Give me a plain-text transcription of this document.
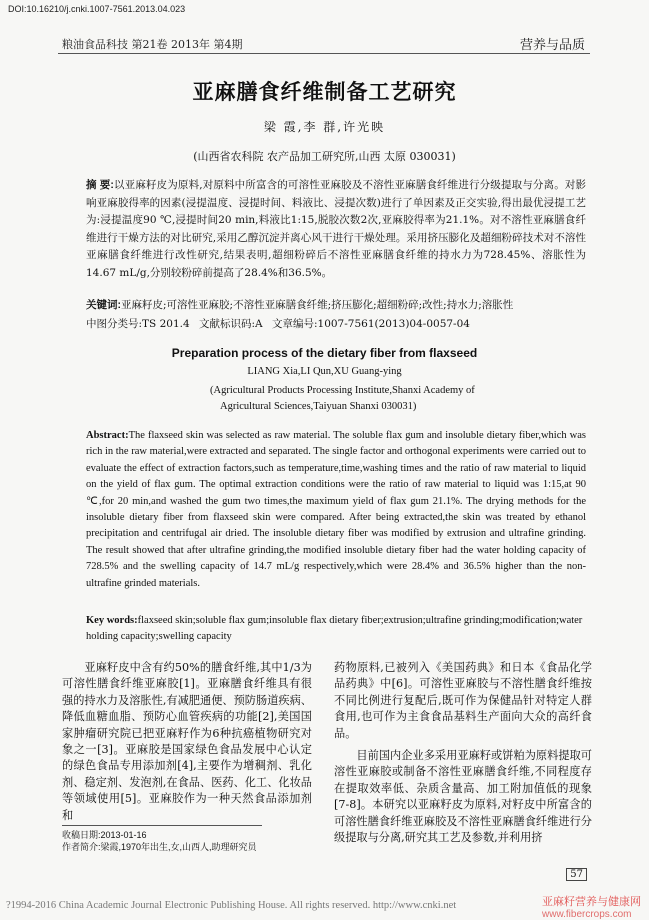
DOI:10.16210/j.cnki.1007-7561.2013.04.023
粮油食品科技 第21卷 2013年 第4期	营养与品质
亚麻膳食纤维制备工艺研究
梁 霞,李 群,许光映
(山西省农科院 农产品加工研究所,山西 太原 030031)
摘 要:以亚麻籽皮为原料,对原料中所富含的可溶性亚麻胶及不溶性亚麻膳食纤维进行分级提取与分离。对影响亚麻胶得率的因素(浸提温度、浸提时间、料液比、浸提次数)进行了单因素及正交实验,得出最优浸提工艺为:浸提温度90 ℃,浸提时间20 min,料液比1:15,脱胶次数2次,亚麻胶得率为21.1%。对不溶性亚麻膳食纤维进行干燥方法的对比研究,采用乙醇沉淀并离心风干进行干燥处理。采用挤压膨化及超细粉碎技术对不溶性亚麻膳食纤维进行改性研究,结果表明,超细粉碎后不溶性亚麻膳食纤维的持水力为728.45%、溶胀性为14.67 mL/g,分别较粉碎前提高了28.4%和36.5%。
关键词:亚麻籽皮;可溶性亚麻胶;不溶性亚麻膳食纤维;挤压膨化;超细粉碎;改性;持水力;溶胀性
中图分类号:TS 201.4 文献标识码:A 文章编号:1007-7561(2013)04-0057-04
Preparation process of the dietary fiber from flaxseed
LIANG Xia,LI Qun,XU Guang-ying
(Agricultural Products Processing Institute,Shanxi Academy of
Agricultural Sciences,Taiyuan Shanxi 030031)
Abstract:The flaxseed skin was selected as raw material. The soluble flax gum and insoluble dietary fiber,which was rich in the raw material,were extracted and separated. The single factor and orthogonal experiments were carried out to evaluate the effect of extraction factors,such as temperature,time,washing times and the ratio of raw material to liquid on the yield of flax gum. The optimal extraction conditions were the ratio of raw material to liquid was 1:15,at 90 ℃,for 20 min,and washed the gum two times,the maximum yield of flax gum 21.1%. The drying methods for the insoluble dietary fiber from flaxseed skin were compared. After being extracted,the skin was treated by ethanol precipitation and centrifugal air dried. The insoluble dietary fiber was modified by extrusion and ultrafine grinding. The result showed that after ultrafine grinding,the modified insoluble dietary fiber had the water holding capacity of 728.5% and the swelling capacity of 14.7 mL/g respectively,which were 28.4% and 36.5% higher than the non-ultrafine grinded materials.
Key words:flaxseed skin;soluble flax gum;insoluble flax dietary fiber;extrusion;ultrafine grinding;modification;water holding capacity;swelling capacity

亚麻籽皮中含有约50%的膳食纤维,其中1/3为可溶性膳食纤维亚麻胶[1]。亚麻膳食纤维具有很强的持水力及溶胀性,有减肥通便、预防肠道疾病、降低血糖血脂、预防心血管疾病的功能[2],美国国家肿瘤研究院已把亚麻籽作为6种抗癌植物研究对象之一[3]。亚麻胶是国家绿色食品发展中心认定的绿色食品专用添加剂[4],主要作为增稠剂、乳化剂、稳定剂、发泡剂,在食品、医药、化工、化妆品等领域使用[5]。亚麻胶作为一种天然食品添加剂和

药物原料,已被列入《美国药典》和日本《食品化学品药典》中[6]。可溶性亚麻胶与不溶性膳食纤维按不同比例进行复配后,既可作为保健品针对特定人群食用,也可作为主食食品基料生产面向大众的高纤食品。

目前国内企业多采用亚麻籽或饼粕为原料提取可溶性亚麻胶或制备不溶性亚麻膳食纤维,不同程度存在提取效率低、杂质含量高、加工附加值低的现象[7-8]。本研究以亚麻籽皮为原料,对籽皮中所富含的可溶性膳食纤维亚麻胶及不溶性亚麻膳食纤维进行分级提取与分离,研究其工艺及参数,并利用挤

收稿日期:2013-01-16
作者简介:梁霞,1970年出生,女,山西人,助理研究员
57
?1994-2016 China Academic Journal Electronic Publishing House. All rights reserved. http://www.cnki.net	亚麻籽营养与健康网
www.fibercrops.com
